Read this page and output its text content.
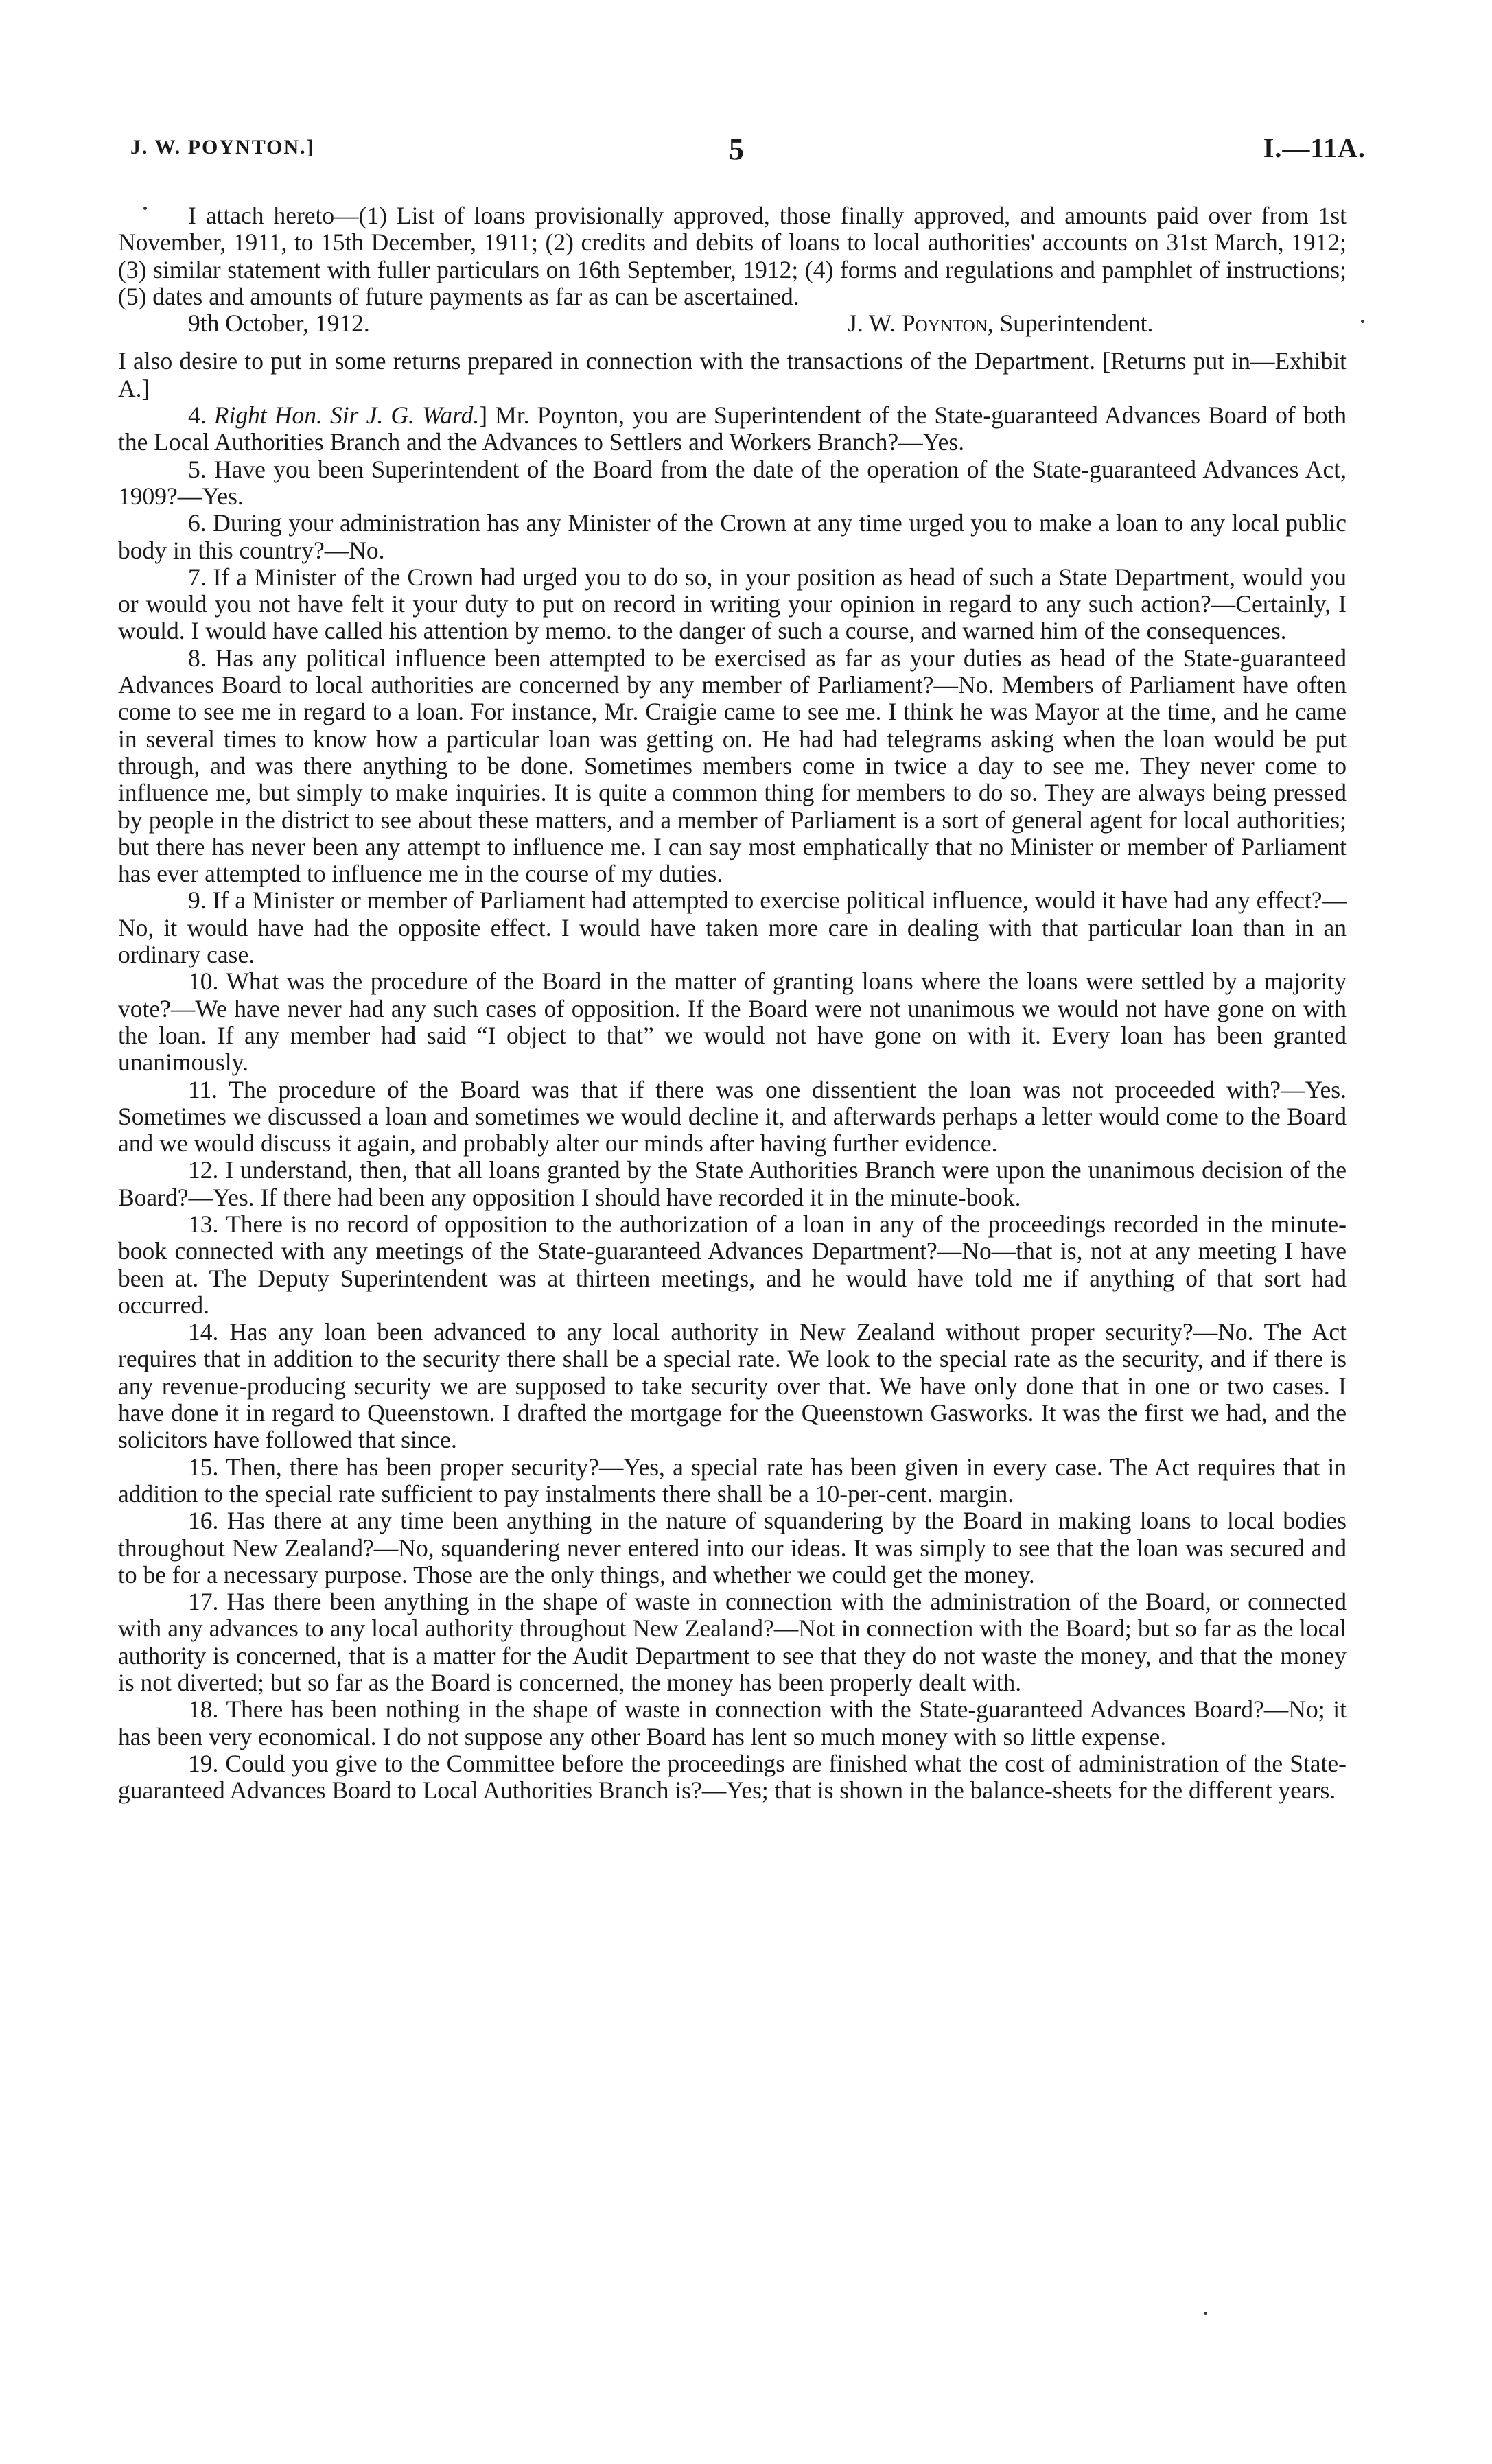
J. W. POYNTON.]	5	I.—11A.

I attach hereto—(1) List of loans provisionally approved, those finally approved, and amounts paid over from 1st November, 1911, to 15th December, 1911; (2) credits and debits of loans to local authorities' accounts on 31st March, 1912; (3) similar statement with fuller particulars on 16th September, 1912; (4) forms and regulations and pamphlet of instructions; (5) dates and amounts of future payments as far as can be ascertained.

9th October, 1912.	J. W. Poynton, Superintendent.

I also desire to put in some returns prepared in connection with the transactions of the Department. [Returns put in—Exhibit A.]

4. Right Hon. Sir J. G. Ward.] Mr. Poynton, you are Superintendent of the State-guaranteed Advances Board of both the Local Authorities Branch and the Advances to Settlers and Workers Branch?—Yes.

5. Have you been Superintendent of the Board from the date of the operation of the State-guaranteed Advances Act, 1909?—Yes.

6. During your administration has any Minister of the Crown at any time urged you to make a loan to any local public body in this country?—No.

7. If a Minister of the Crown had urged you to do so, in your position as head of such a State Department, would you or would you not have felt it your duty to put on record in writing your opinion in regard to any such action?—Certainly, I would. I would have called his attention by memo. to the danger of such a course, and warned him of the consequences.

8. Has any political influence been attempted to be exercised as far as your duties as head of the State-guaranteed Advances Board to local authorities are concerned by any member of Parliament?—No. Members of Parliament have often come to see me in regard to a loan. For instance, Mr. Craigie came to see me. I think he was Mayor at the time, and he came in several times to know how a particular loan was getting on. He had had telegrams asking when the loan would be put through, and was there anything to be done. Sometimes members come in twice a day to see me. They never come to influence me, but simply to make inquiries. It is quite a common thing for members to do so. They are always being pressed by people in the district to see about these matters, and a member of Parliament is a sort of general agent for local authorities; but there has never been any attempt to influence me. I can say most emphatically that no Minister or member of Parliament has ever attempted to influence me in the course of my duties.

9. If a Minister or member of Parliament had attempted to exercise political influence, would it have had any effect?—No, it would have had the opposite effect. I would have taken more care in dealing with that particular loan than in an ordinary case.

10. What was the procedure of the Board in the matter of granting loans where the loans were settled by a majority vote?—We have never had any such cases of opposition. If the Board were not unanimous we would not have gone on with the loan. If any member had said “I object to that” we would not have gone on with it. Every loan has been granted unanimously.

11. The procedure of the Board was that if there was one dissentient the loan was not proceeded with?—Yes. Sometimes we discussed a loan and sometimes we would decline it, and afterwards perhaps a letter would come to the Board and we would discuss it again, and probably alter our minds after having further evidence.

12. I understand, then, that all loans granted by the State Authorities Branch were upon the unanimous decision of the Board?—Yes. If there had been any opposition I should have recorded it in the minute-book.

13. There is no record of opposition to the authorization of a loan in any of the proceedings recorded in the minute-book connected with any meetings of the State-guaranteed Advances Department?—No—that is, not at any meeting I have been at. The Deputy Superintendent was at thirteen meetings, and he would have told me if anything of that sort had occurred.

14. Has any loan been advanced to any local authority in New Zealand without proper security?—No. The Act requires that in addition to the security there shall be a special rate. We look to the special rate as the security, and if there is any revenue-producing security we are supposed to take security over that. We have only done that in one or two cases. I have done it in regard to Queenstown. I drafted the mortgage for the Queenstown Gasworks. It was the first we had, and the solicitors have followed that since.

15. Then, there has been proper security?—Yes, a special rate has been given in every case. The Act requires that in addition to the special rate sufficient to pay instalments there shall be a 10-per-cent. margin.

16. Has there at any time been anything in the nature of squandering by the Board in making loans to local bodies throughout New Zealand?—No, squandering never entered into our ideas. It was simply to see that the loan was secured and to be for a necessary purpose. Those are the only things, and whether we could get the money.

17. Has there been anything in the shape of waste in connection with the administration of the Board, or connected with any advances to any local authority throughout New Zealand?—Not in connection with the Board; but so far as the local authority is concerned, that is a matter for the Audit Department to see that they do not waste the money, and that the money is not diverted; but so far as the Board is concerned, the money has been properly dealt with.

18. There has been nothing in the shape of waste in connection with the State-guaranteed Advances Board?—No; it has been very economical. I do not suppose any other Board has lent so much money with so little expense.

19. Could you give to the Committee before the proceedings are finished what the cost of administration of the State-guaranteed Advances Board to Local Authorities Branch is?—Yes; that is shown in the balance-sheets for the different years.
